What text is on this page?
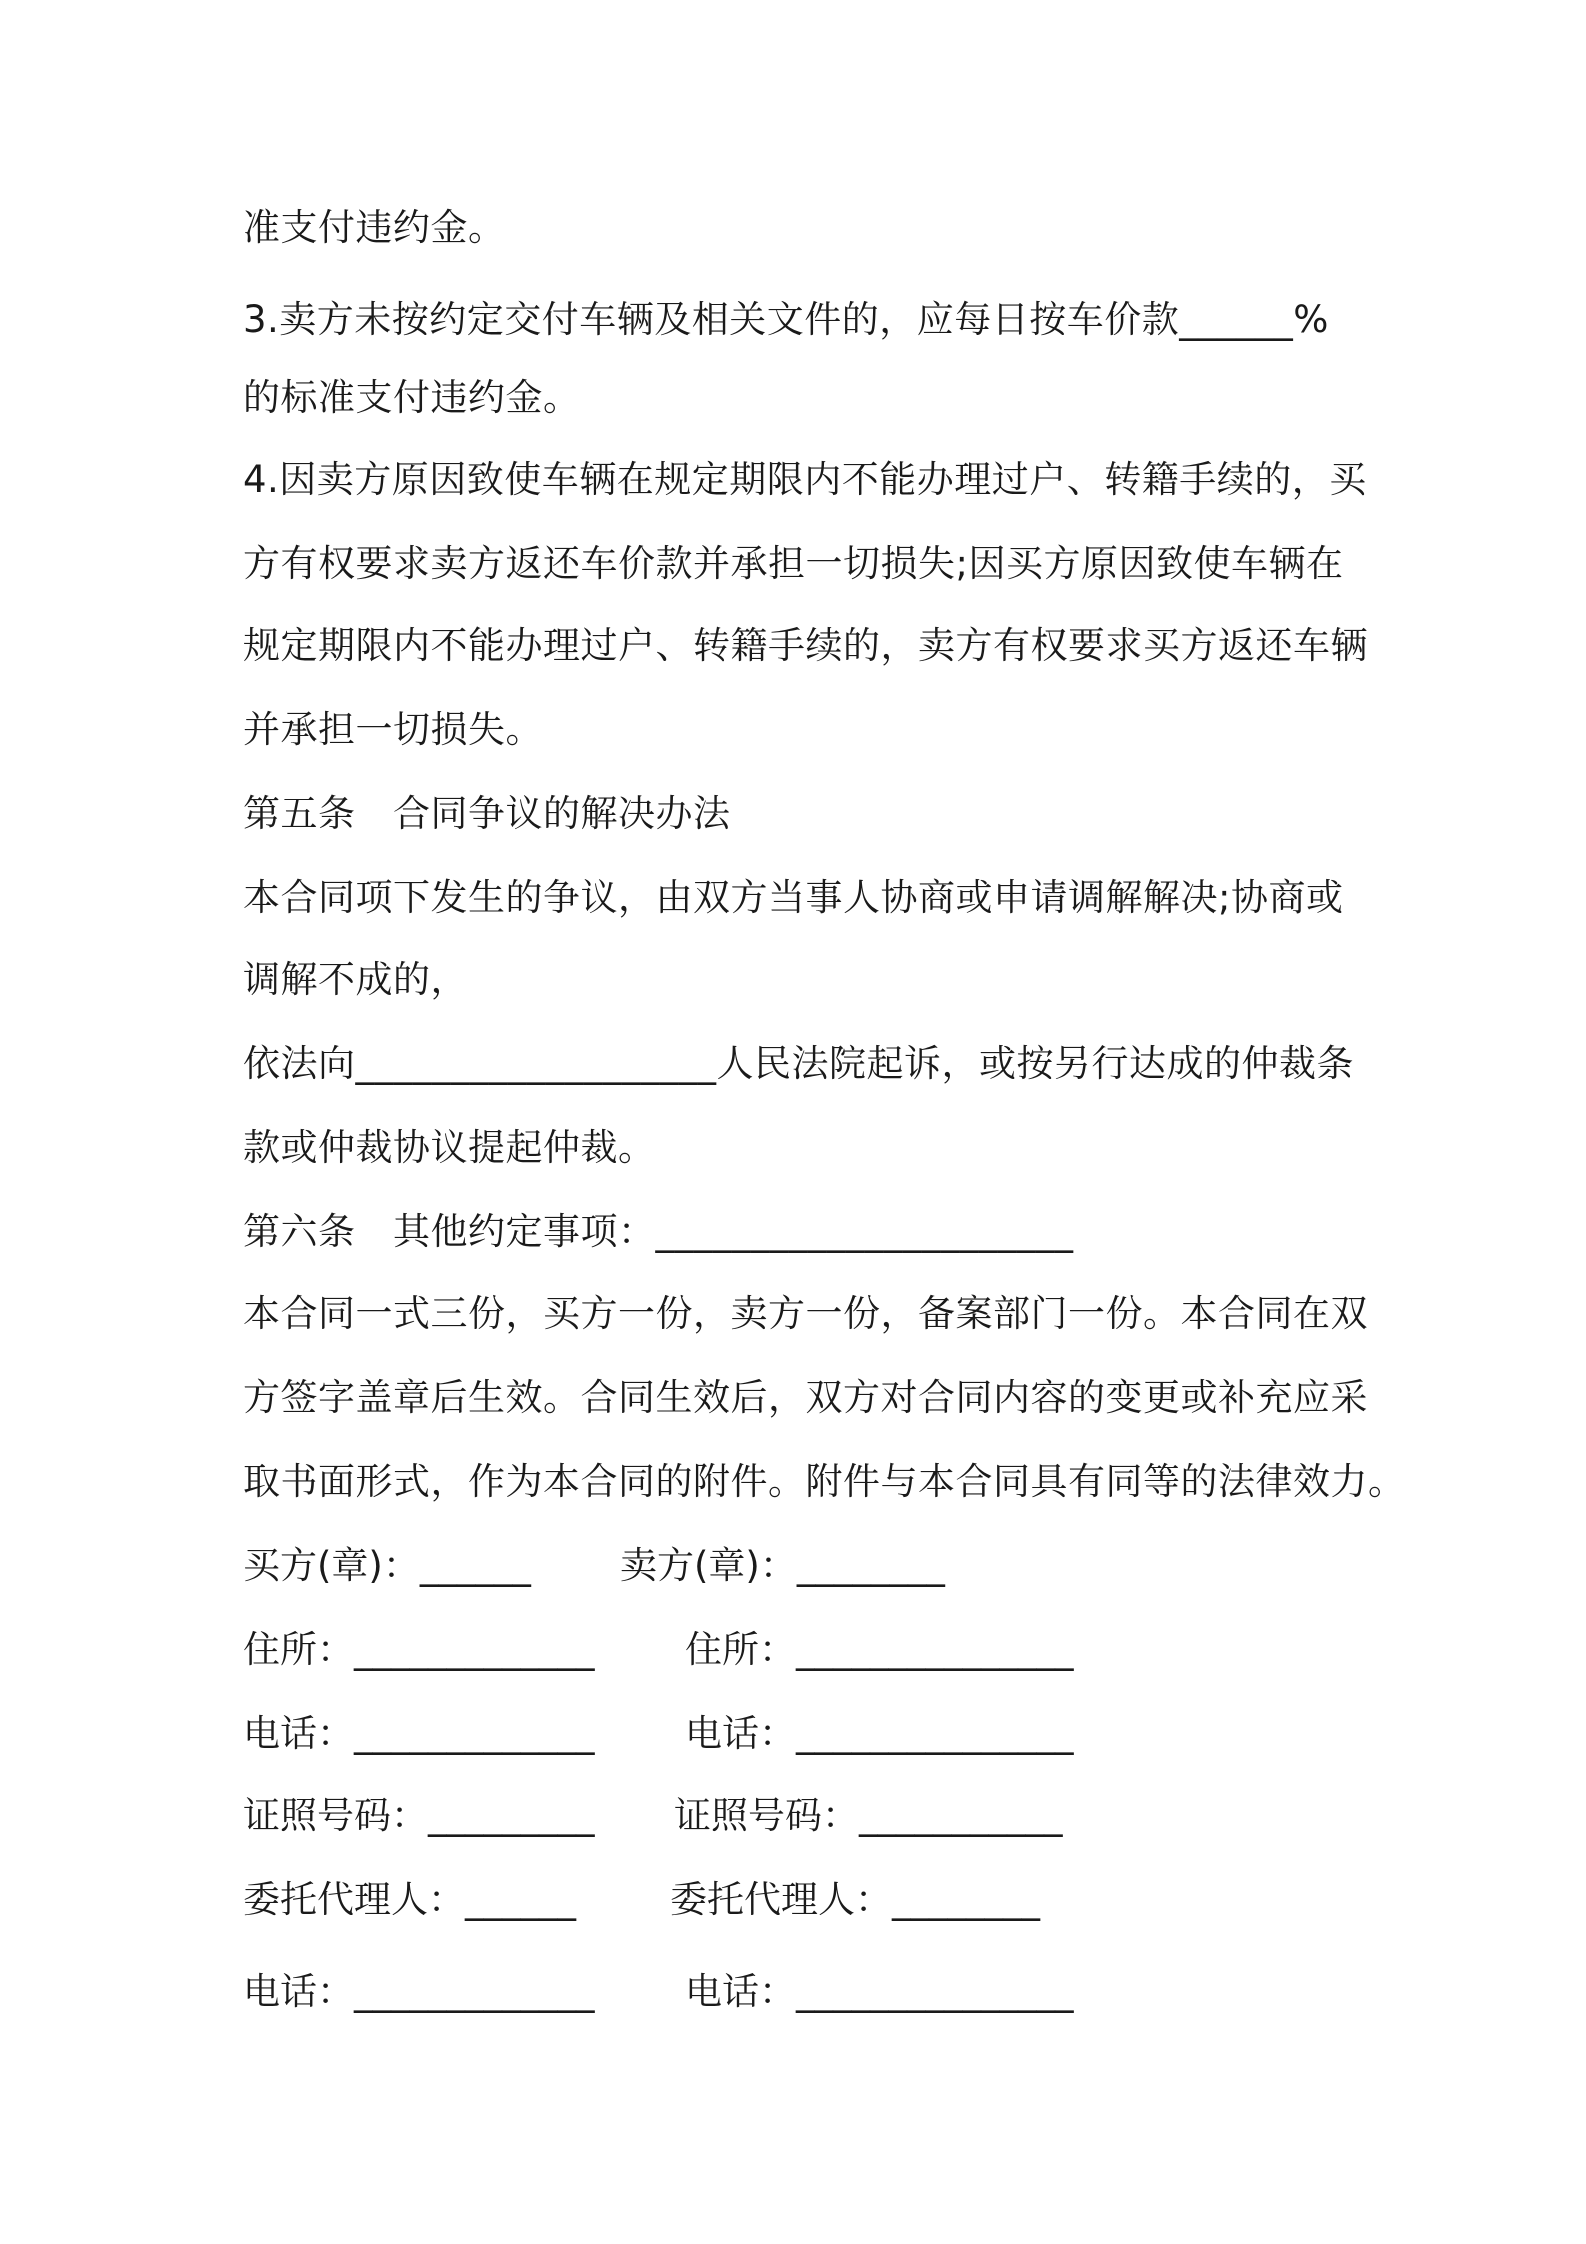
准支付违约金。
3.卖方未按约定交付车辆及相关文件的，应每日按车价款______%
的标准支付违约金。
4.因卖方原因致使车辆在规定期限内不能办理过户、转籍手续的，买
方有权要求卖方返还车价款并承担一切损失;因买方原因致使车辆在
规定期限内不能办理过户、转籍手续的，卖方有权要求买方返还车辆
并承担一切损失。
第五条　合同争议的解决办法
本合同项下发生的争议，由双方当事人协商或申请调解解决;协商或
调解不成的，
依法向___________________人民法院起诉，或按另行达成的仲裁条
款或仲裁协议提起仲裁。
第六条　其他约定事项：______________________
本合同一式三份，买方一份，卖方一份，备案部门一份。本合同在双
方签字盖章后生效。合同生效后，双方对合同内容的变更或补充应采
取书面形式，作为本合同的附件。附件与本合同具有同等的法律效力。
买方(章)：______ 卖方(章)：________
住所：_____________ 住所：_______________
电话：_____________ 电话：_______________
证照号码：_________ 证照号码：___________
委托代理人：______	委托代理人：________
电话：_____________ 电话：_______________
